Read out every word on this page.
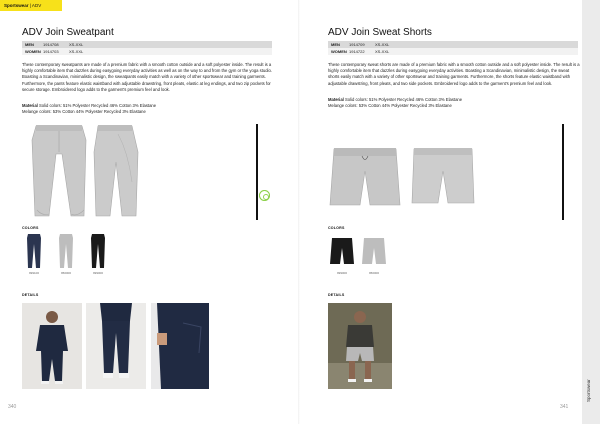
Sportswear | ADV
ADV Join Sweatpant
MEN	1914708	XS-XXL
WOMEN 1914703	XS-XXL
These contemporary sweatpants are made of a premium fabric with a smooth cotton outside and a soft polyester inside. The result is a highly comfortable item that dazzles during easygoing everyday activities as well as on the way to and from the gym or the yoga studio. Boasting a Scandinavian, minimalistic design, the sweatpants easily match with a variety of other sportswear and training garments. Furthermore, the pants feature elastic waistband with adjustable drawstring, front pleats, elastic at leg endings, and two zip pockets for secure storage. Embroidered logo adds to the garment's premium feel and look.
Material Solid colors: 51% Polyester Recycled 46% Cotton 3% Elastane
Melange colors: 53% Cotton 44% Polyester Recycled 3% Elastane
COLORS
999100	950000	999000
DETAILS
340
ADV Join Sweat Shorts
MEN	1914709	XS-XXL
WOMEN 1914722	XS-XXL
These contemporary sweat shorts are made of a premium fabric with a smooth cotton outside and a soft polyester inside. The result is a highly comfortable item that dazzles during easygoing everyday activities. Boasting a Scandinavian, minimalistic design, the sweat shorts easily match with a variety of other sportswear and training garments. Furthermore, the shorts feature elastic waistband with adjustable drawstring, front pleats, and two side pockets. Embroidered logo adds to the garment's premium feel and look.
Material Solid colors: 51% Polyester Recycled 46% Cotton 3% Elastane
Melange colors: 53% Cotton 44% Polyester Recycled 3% Elastane
COLORS
999000	950000
DETAILS
341
Sportswear
